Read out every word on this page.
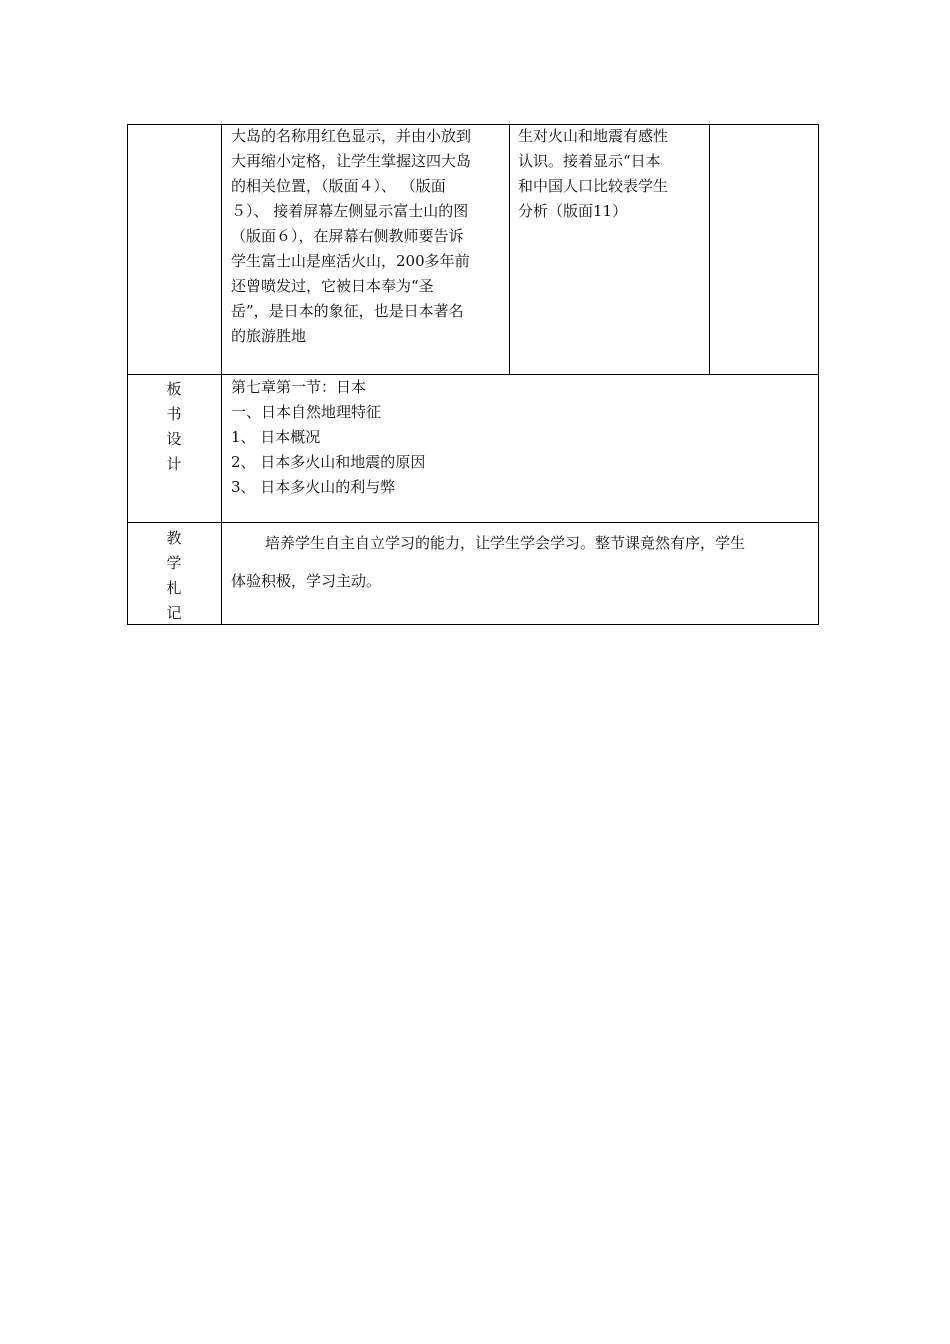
大岛的名称用红色显示，并由小放到
大再缩小定格，让学生掌握这四大岛
的相关位置，（版面４）、 （版面
５）、 接着屏幕左侧显示富士山的图
（版面６），在屏幕右侧教师要告诉
学生富士山是座活火山，200多年前
还曾喷发过，它被日本奉为“圣
岳”，是日本的象征，也是日本著名
的旅游胜地
生对火山和地震有感性
认识。接着显示“日本
和中国人口比较表学生
分析（版面11）
板
书
设
计
第七章第一节：日本
一、日本自然地理特征
1、 日本概况
2、 日本多火山和地震的原因
3、 日本多火山的利与弊
教
学
札
记
培养学生自主自立学习的能力，让学生学会学习。整节课竟然有序，学生
体验积极，学习主动。
